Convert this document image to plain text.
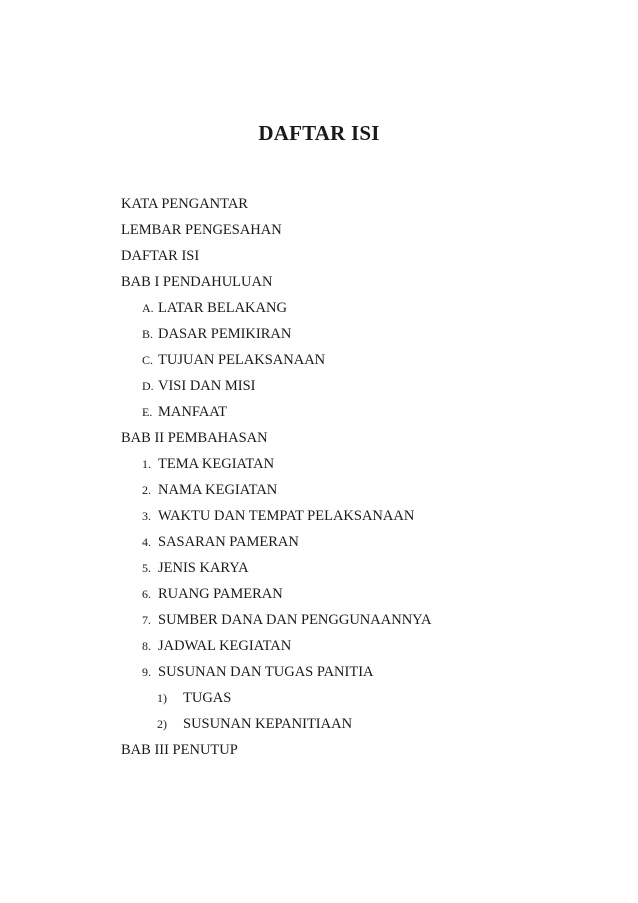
DAFTAR ISI
KATA PENGANTAR
LEMBAR PENGESAHAN
DAFTAR ISI
BAB I PENDAHULUAN
A. LATAR BELAKANG
B. DASAR PEMIKIRAN
C. TUJUAN PELAKSANAAN
D. VISI DAN MISI
E. MANFAAT
BAB II PEMBAHASAN
1. TEMA KEGIATAN
2. NAMA KEGIATAN
3. WAKTU DAN TEMPAT PELAKSANAAN
4. SASARAN PAMERAN
5. JENIS KARYA
6. RUANG PAMERAN
7. SUMBER DANA DAN PENGGUNAANNYA
8. JADWAL KEGIATAN
9. SUSUNAN DAN TUGAS PANITIA
1) TUGAS
2) SUSUNAN KEPANITIAAN
BAB III PENUTUP
